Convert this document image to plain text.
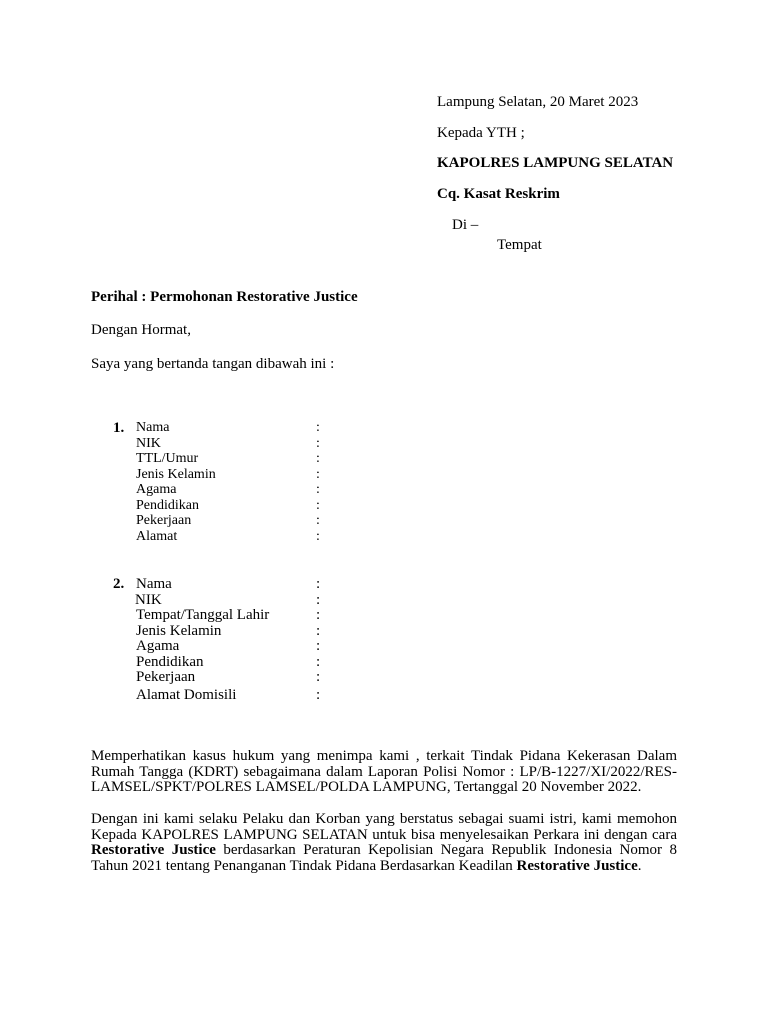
Lampung Selatan, 20 Maret 2023
Kepada YTH ;
KAPOLRES LAMPUNG SELATAN
Cq. Kasat Reskrim
Di –
Tempat
Perihal : Permohonan Restorative Justice
Dengan Hormat,
Saya yang bertanda tangan dibawah ini :
1. Nama
NIK
TTL/Umur
Jenis Kelamin
Agama
Pendidikan
Pekerjaan
Alamat
:
:
:
:
:
:
:
:
2. Nama
NIK
Tempat/Tanggal Lahir
Jenis Kelamin
Agama
Pendidikan
Pekerjaan
Alamat Domisili
:
:
:
:
:
:
:
:
Memperhatikan kasus hukum yang menimpa kami , terkait Tindak Pidana Kekerasan Dalam Rumah Tangga (KDRT) sebagaimana dalam Laporan Polisi Nomor : LP/B-1227/XI/2022/RES-LAMSEL/SPKT/POLRES LAMSEL/POLDA LAMPUNG, Tertanggal 20 November 2022.
Dengan ini kami selaku Pelaku dan Korban yang berstatus sebagai suami istri, kami memohon Kepada KAPOLRES LAMPUNG SELATAN untuk bisa menyelesaikan Perkara ini dengan cara Restorative Justice berdasarkan Peraturan Kepolisian Negara Republik Indonesia Nomor 8 Tahun 2021 tentang Penanganan Tindak Pidana Berdasarkan Keadilan Restorative Justice.
